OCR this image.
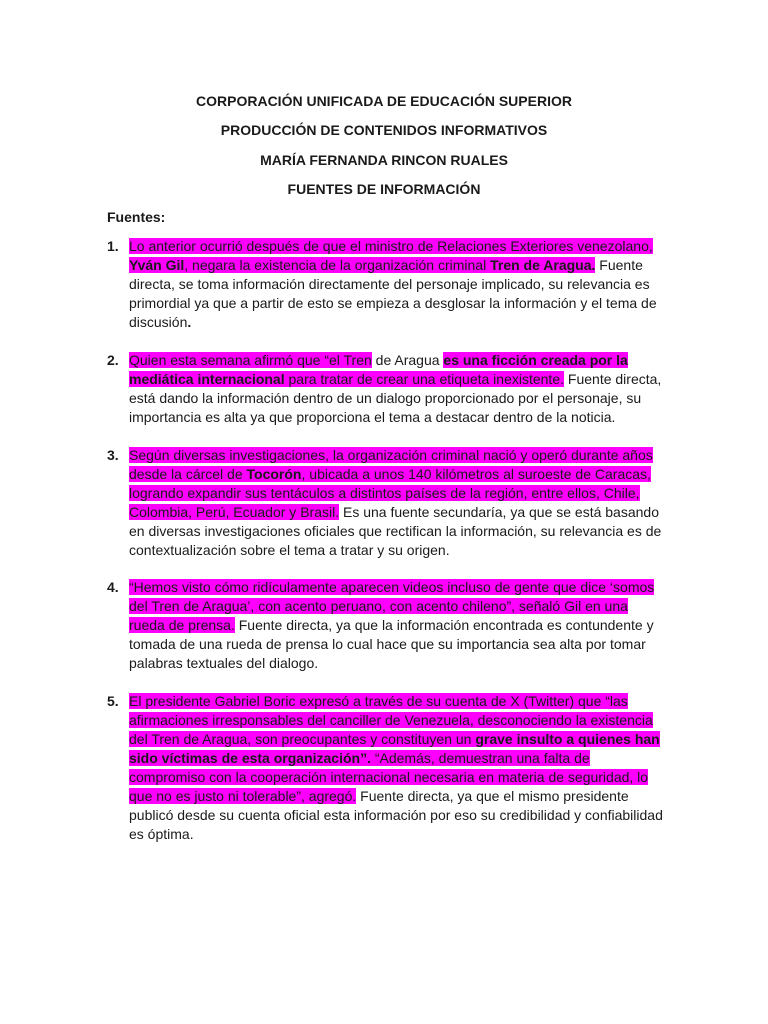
CORPORACIÓN UNIFICADA DE EDUCACIÓN SUPERIOR
PRODUCCIÓN DE CONTENIDOS INFORMATIVOS
MARÍA FERNANDA RINCON RUALES
FUENTES DE INFORMACIÓN
Fuentes:
1. Lo anterior ocurrió después de que el ministro de Relaciones Exteriores venezolano, Yván Gil, negara la existencia de la organización criminal Tren de Aragua. Fuente directa, se toma información directamente del personaje implicado, su relevancia es primordial ya que a partir de esto se empieza a desglosar la información y el tema de discusión.
2. Quien esta semana afirmó que “el Tren de Aragua es una ficción creada por la mediática internacional para tratar de crear una etiqueta inexistente. Fuente directa, está dando la información dentro de un dialogo proporcionado por el personaje, su importancia es alta ya que proporciona el tema a destacar dentro de la noticia.
3. Según diversas investigaciones, la organización criminal nació y operó durante años desde la cárcel de Tocorón, ubicada a unos 140 kilómetros al suroeste de Caracas, logrando expandir sus tentáculos a distintos países de la región, entre ellos, Chile, Colombia, Perú, Ecuador y Brasil. Es una fuente secundaría, ya que se está basando en diversas investigaciones oficiales que rectifican la información, su relevancia es de contextualización sobre el tema a tratar y su origen.
4. “Hemos visto cómo ridículamente aparecen videos incluso de gente que dice ‘somos del Tren de Aragua’, con acento peruano, con acento chileno”, señaló Gil en una rueda de prensa. Fuente directa, ya que la información encontrada es contundente y tomada de una rueda de prensa lo cual hace que su importancia sea alta por tomar palabras textuales del dialogo.
5. El presidente Gabriel Boric expresó a través de su cuenta de X (Twitter) que “las afirmaciones irresponsables del canciller de Venezuela, desconociendo la existencia del Tren de Aragua, son preocupantes y constituyen un grave insulto a quienes han sido víctimas de esta organización”. “Además, demuestran una falta de compromiso con la cooperación internacional necesaria en materia de seguridad, lo que no es justo ni tolerable”, agregó. Fuente directa, ya que el mismo presidente publicó desde su cuenta oficial esta información por eso su credibilidad y confiabilidad es óptima.
